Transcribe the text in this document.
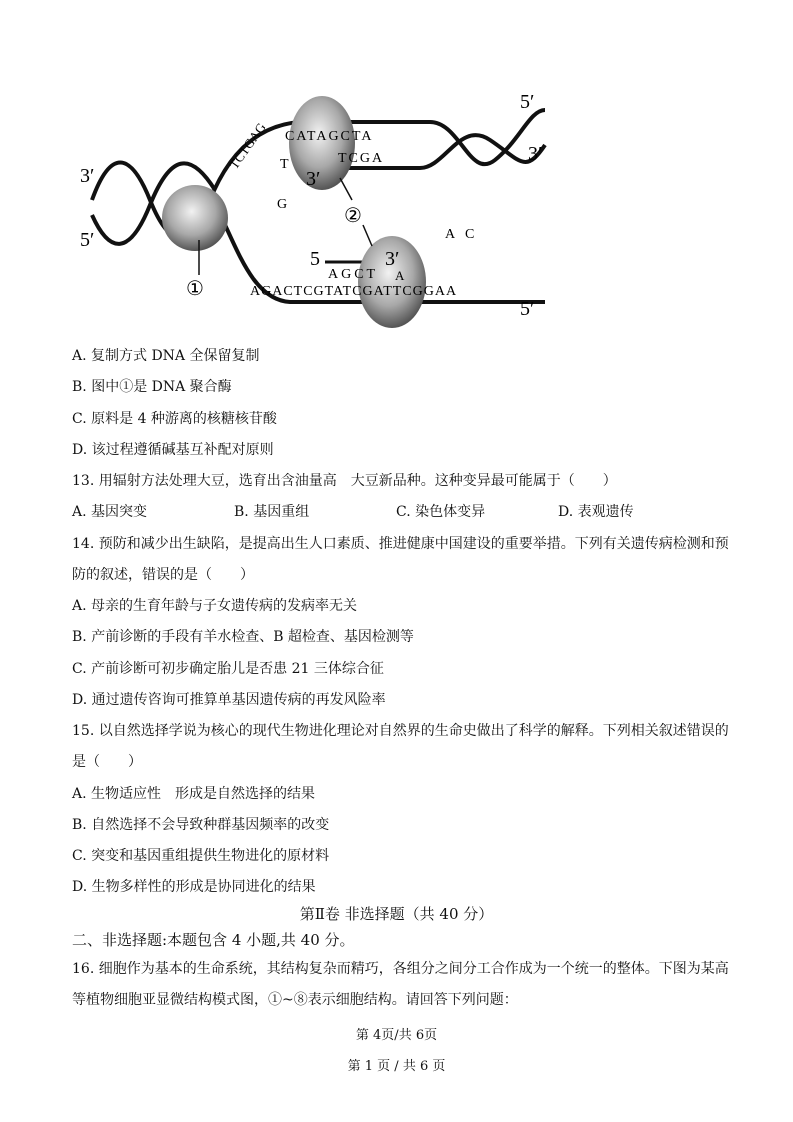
3′
5′
5′
3′
5′
5	3′
3′
CATAGCTA
TCGA
TCTGAG
AGACTCGTATCGATTCGGAA
AGCT A
A C
G
T
①
②
A. 复制方式 DNA 全保留复制
B. 图中①是 DNA 聚合酶
C. 原料是 4 种游离的核糖核苷酸
D. 该过程遵循碱基互补配对原则
13. 用辐射方法处理大豆，选育出含油量高　大豆新品种。这种变异最可能属于（　　）
A. 基因突变	B. 基因重组	C. 染色体变异	D. 表观遗传
14. 预防和减少出生缺陷，是提高出生人口素质、推进健康中国建设的重要举措。下列有关遗传病检测和预
防的叙述，错误的是（　　）
A. 母亲的生育年龄与子女遗传病的发病率无关
B. 产前诊断的手段有羊水检查、B 超检查、基因检测等
C. 产前诊断可初步确定胎儿是否患 21 三体综合征
D. 通过遗传咨询可推算单基因遗传病的再发风险率
15. 以自然选择学说为核心的现代生物进化理论对自然界的生命史做出了科学的解释。下列相关叙述错误的
是（　　）
A. 生物适应性　形成是自然选择的结果
B. 自然选择不会导致种群基因频率的改变
C. 突变和基因重组提供生物进化的原材料
D. 生物多样性的形成是协同进化的结果
第Ⅱ卷 非选择题（共 40 分）
二、非选择题:本题包含 4 小题,共 40 分。
16. 细胞作为基本的生命系统，其结构复杂而精巧，各组分之间分工合作成为一个统一的整体。下图为某高
等植物细胞亚显微结构模式图，①~⑧表示细胞结构。请回答下列问题：
第 4页/共 6页
第 1 页 / 共 6 页
